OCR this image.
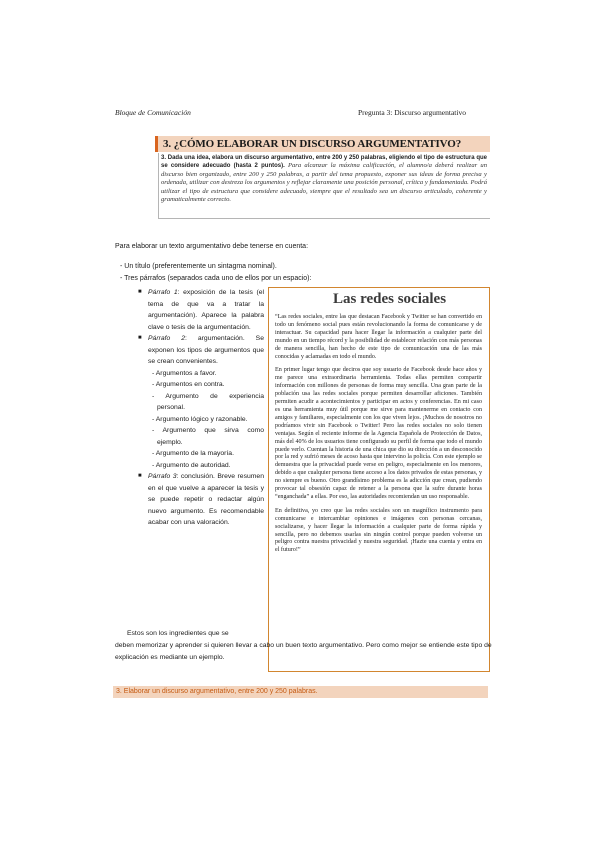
Bloque de Comunicación	Pregunta 3: Discurso argumentativo
3. ¿CÓMO ELABORAR UN DISCURSO ARGUMENTATIVO?
3. Dada una idea, elabora un discurso argumentativo, entre 200 y 250 palabras, eligiendo el tipo de estructura que se considere adecuado (hasta 2 puntos). Para alcanzar la máxima calificación, el alumno/a deberá realizar un discurso bien organizado, entre 200 y 250 palabras, a partir del tema propuesto, exponer sus ideas de forma precisa y ordenada, utilizar con destreza los argumentos y reflejar claramente una posición personal, crítica y fundamentada. Podrá utilizar el tipo de estructura que considere adecuado, siempre que el resultado sea un discurso articulado, coherente y gramaticalmente correcto.
Para elaborar un texto argumentativo debe tenerse en cuenta:
- Un título (preferentemente un sintagma nominal).
- Tres párrafos (separados cada uno de ellos por un espacio):
■ Párrafo 1: exposición de la tesis (el tema de que va a tratar la argumentación). Aparece la palabra clave o tesis de la argumentación.
■ Párrafo 2: argumentación. Se exponen los tipos de argumentos que se crean convenientes.
- Argumentos a favor.
- Argumentos en contra.
- Argumento de experiencia personal.
- Argumento lógico y razonable.
- Argumento que sirva como ejemplo.
- Argumento de la mayoría.
- Argumento de autoridad.
■ Párrafo 3: conclusión. Breve resumen en el que vuelve a aparecer la tesis y se puede repetir o redactar algún nuevo argumento. Es recomendable acabar con una valoración.
Las redes sociales

“Las redes sociales, entre las que destacan Facebook y Twitter se han convertido en todo un fenómeno social pues están revolucionando la forma de comunicarse y de interactuar. Su capacidad para hacer llegar la información a cualquier parte del mundo en un tiempo récord y la posibilidad de establecer relación con más personas de manera sencilla, han hecho de este tipo de comunicación una de las más conocidas y aclamadas en todo el mundo.

En primer lugar tengo que deciros que soy usuario de Facebook desde hace años y me parece una extraordinaria herramienta. Todas ellas permiten compartir información con millones de personas de forma muy sencilla. Una gran parte de la población usa las redes sociales porque permiten desarrollar aficiones. También permiten acudir a acontecimientos y participar en actos y conferencias. En mi caso es una herramienta muy útil porque me sirve para mantenerme en contacto con amigos y familiares, especialmente con los que viven lejos. ¡Muchos de nosotros no podríamos vivir sin Facebook o Twitter! Pero las redes sociales no solo tienen ventajas. Según el reciente informe de la Agencia Española de Protección de Datos, más del 40% de los usuarios tiene configurado su perfil de forma que todo el mundo puede verlo. Cuentan la historia de una chica que dio su dirección a un desconocido por la red y sufrió meses de acoso hasta que intervino la policía. Con este ejemplo se demuestra que la privacidad puede verse en peligro, especialmente en los menores, debido a que cualquier persona tiene acceso a los datos privados de estas personas, y no siempre es bueno. Otro grandísimo problema es la adicción que crean, pudiendo provocar tal obsesión capaz de retener a la persona que la sufre durante horas “enganchada” a ellas. Por eso, las autoridades recomiendan un uso responsable.

En definitiva, yo creo que las redes sociales son un magnífico instrumento para comunicarse e intercambiar opiniones e imágenes con personas cercanas, socializarse, y hacer llegar la información a cualquier parte de forma rápida y sencilla, pero no debemos usarlas sin ningún control porque pueden volverse un peligro contra nuestra privacidad y nuestra seguridad. ¡Hazte una cuenta y entra en el futuro!”

Estos son los ingredientes que se
deben memorizar y aprender si quieren llevar a cabo un buen texto argumentativo. Pero como mejor se entiende este tipo de explicación es mediante un ejemplo.
3. Elaborar un discurso argumentativo, entre 200 y 250 palabras.
